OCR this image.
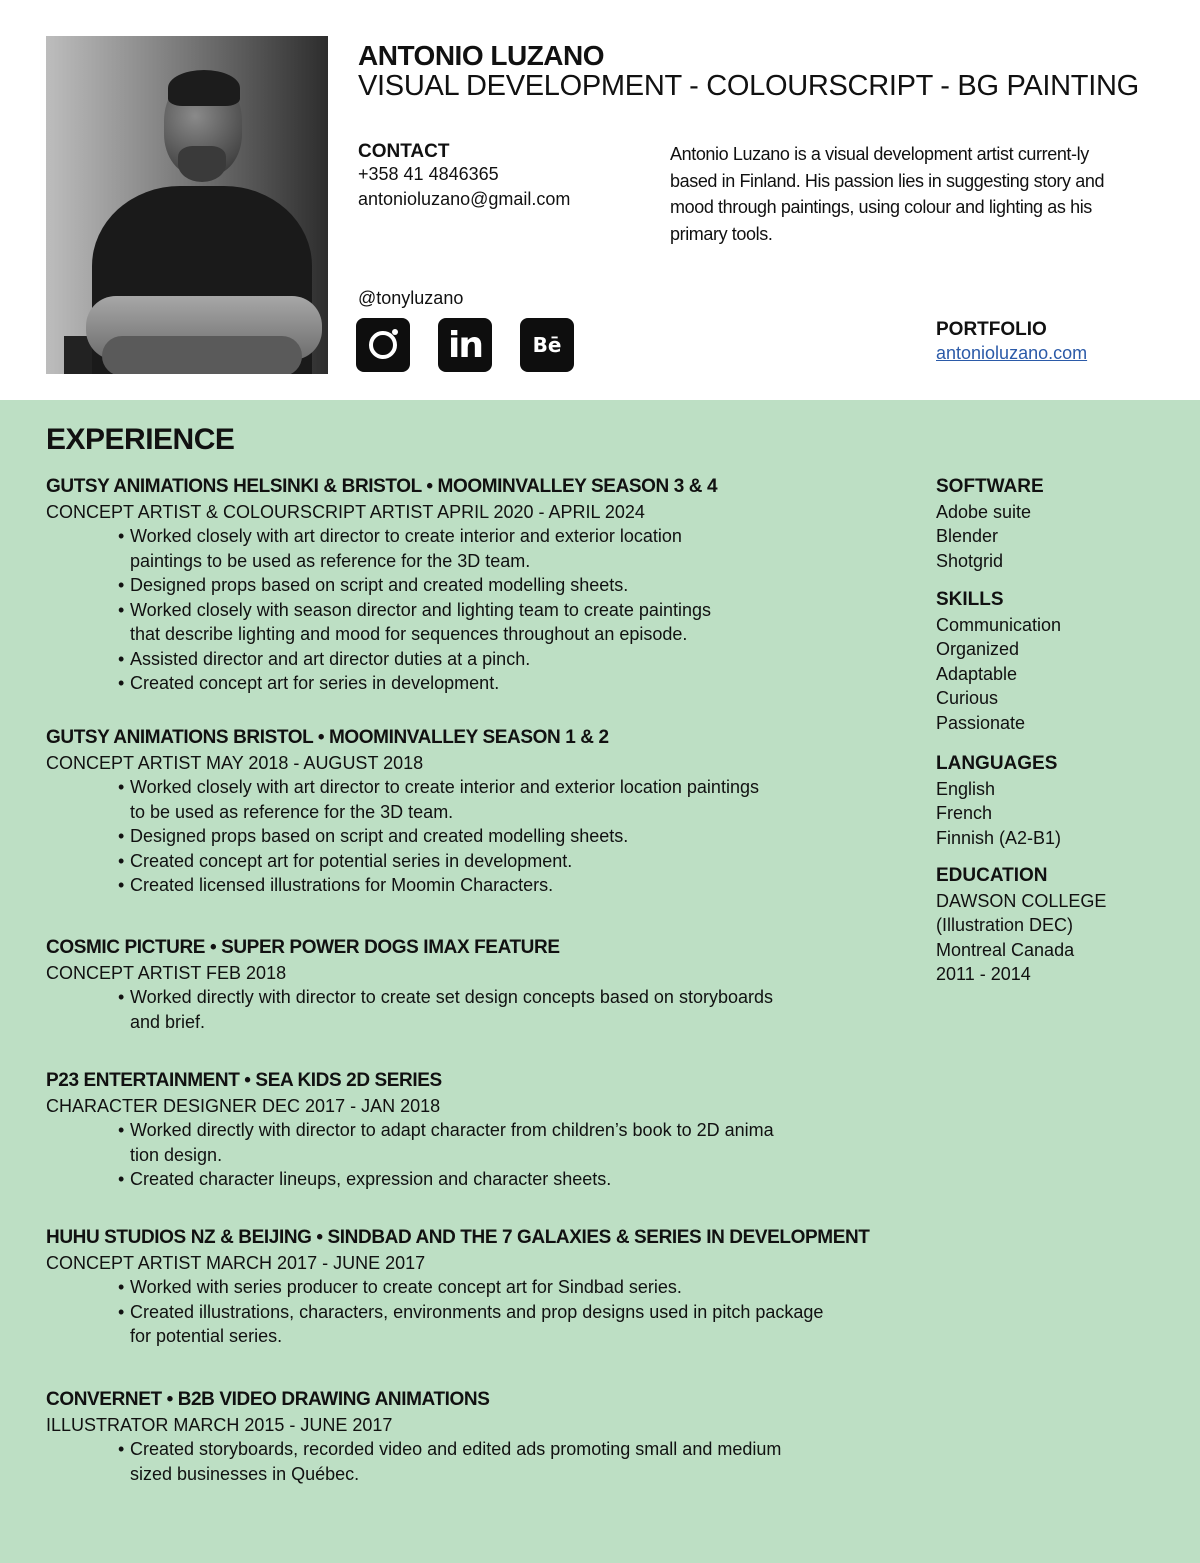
ANTONIO LUZANO
VISUAL DEVELOPMENT - COLOURSCRIPT - BG PAINTING
CONTACT
+358 41 4846365
antonioluzano@gmail.com
Antonio Luzano is a visual development artist current-ly based in Finland. His passion lies in suggesting story and mood through paintings, using colour and lighting as his primary tools.
@tonyluzano
in	Bē
PORTFOLIO
antonioluzano.com
EXPERIENCE
GUTSY ANIMATIONS HELSINKI & BRISTOL • MOOMINVALLEY SEASON 3 & 4
CONCEPT ARTIST & COLOURSCRIPT ARTIST APRIL 2020 - APRIL 2024
• Worked closely with art director to create interior and exterior location
paintings to be used as reference for the 3D team.
• Designed props based on script and created modelling sheets.
• Worked closely with season director and lighting team to create paintings
that describe lighting and mood for sequences throughout an episode.
• Assisted director and art director duties at a pinch.
• Created concept art for series in development.
GUTSY ANIMATIONS BRISTOL • MOOMINVALLEY SEASON 1 & 2
CONCEPT ARTIST MAY 2018 - AUGUST 2018
• Worked closely with art director to create interior and exterior location paintings
to be used as reference for the 3D team.
• Designed props based on script and created modelling sheets.
• Created concept art for potential series in development.
• Created licensed illustrations for Moomin Characters.
COSMIC PICTURE • SUPER POWER DOGS IMAX FEATURE
CONCEPT ARTIST FEB 2018
• Worked directly with director to create set design concepts based on storyboards
and brief.
P23 ENTERTAINMENT • SEA KIDS 2D SERIES
CHARACTER DESIGNER DEC 2017 - JAN 2018
• Worked directly with director to adapt character from children’s book to 2D anima
tion design.
• Created character lineups, expression and character sheets.
HUHU STUDIOS NZ & BEIJING • SINDBAD AND THE 7 GALAXIES & SERIES IN DEVELOPMENT
CONCEPT ARTIST MARCH 2017 - JUNE 2017
• Worked with series producer to create concept art for Sindbad series.
• Created illustrations, characters, environments and prop designs used in pitch package
for potential series.
CONVERNET • B2B VIDEO DRAWING ANIMATIONS
ILLUSTRATOR MARCH 2015 - JUNE 2017
• Created storyboards, recorded video and edited ads promoting small and medium
sized businesses in Québec.
SOFTWARE
Adobe suite
Blender
Shotgrid
SKILLS
Communication
Organized
Adaptable
Curious
Passionate
LANGUAGES
English
French
Finnish (A2-B1)
EDUCATION
DAWSON COLLEGE
(Illustration DEC)
Montreal Canada
2011 - 2014
